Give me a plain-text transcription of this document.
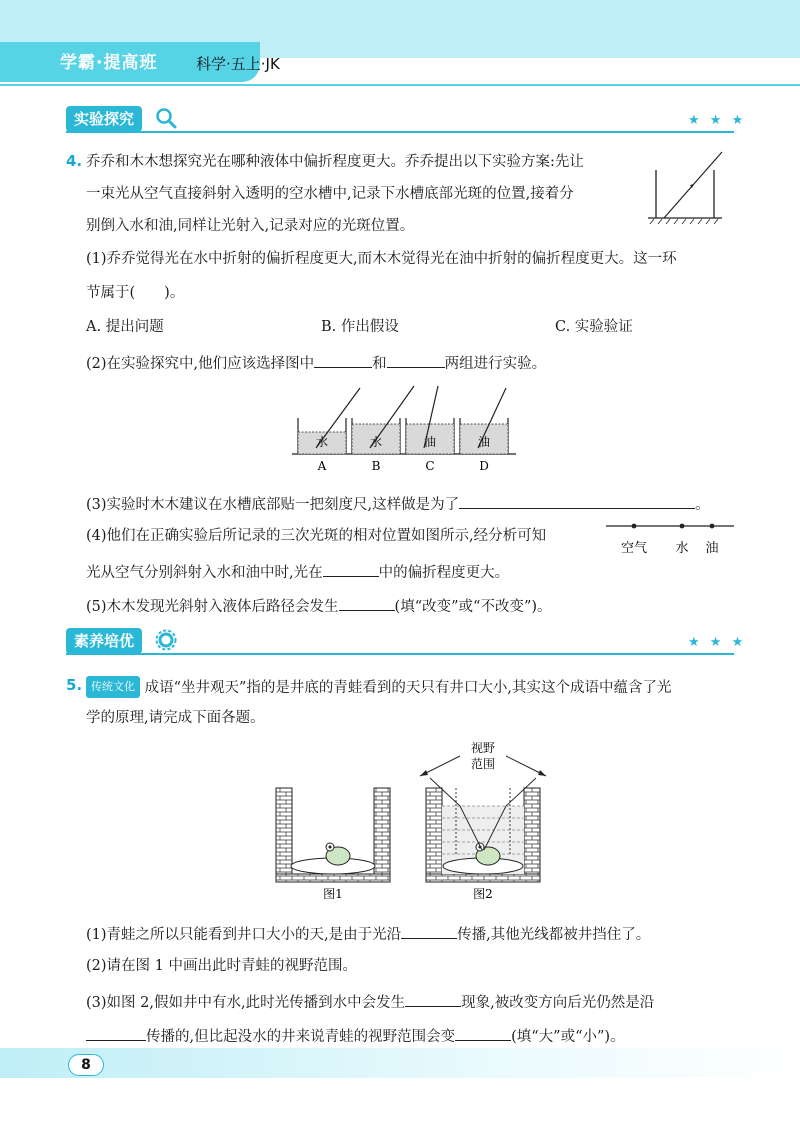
学霸·提高班	科学·五上·JK
实验探究	★ ★ ★
4. 乔乔和木木想探究光在哪种液体中偏折程度更大。乔乔提出以下实验方案:先让
一束光从空气直接斜射入透明的空水槽中,记录下水槽底部光斑的位置,接着分
别倒入水和油,同样让光射入,记录对应的光斑位置。
(1)乔乔觉得光在水中折射的偏折程度更大,而木木觉得光在油中折射的偏折程度更大。这一环
节属于(　　)。
A. 提出问题	B. 作出假设	C. 实验验证
(2)在实验探究中,他们应该选择图中	和	两组进行实验。
水	水	油	油
A	B	C	D
(3)实验时木木建议在水槽底部贴一把刻度尺,这样做是为了	。
(4)他们在正确实验后所记录的三次光斑的相对位置如图所示,经分析可知
光从空气分别斜射入水和油中时,光在	中的偏折程度更大。
空气 水 油
(5)木木发现光斜射入液体后路径会发生	(填“改变”或“不改变”)。
素养培优	★ ★ ★
5. 传统文化 成语“坐井观天”指的是井底的青蛙看到的天只有井口大小,其实这个成语中蕴含了光
学的原理,请完成下面各题。
图1
视野
范围
图2
(1)青蛙之所以只能看到井口大小的天,是由于光沿	传播,其他光线都被井挡住了。
(2)请在图 1 中画出此时青蛙的视野范围。
(3)如图 2,假如井中有水,此时光传播到水中会发生	现象,被改变方向后光仍然是沿
传播的,但比起没水的井来说青蛙的视野范围会变	(填“大”或“小”)。
8
